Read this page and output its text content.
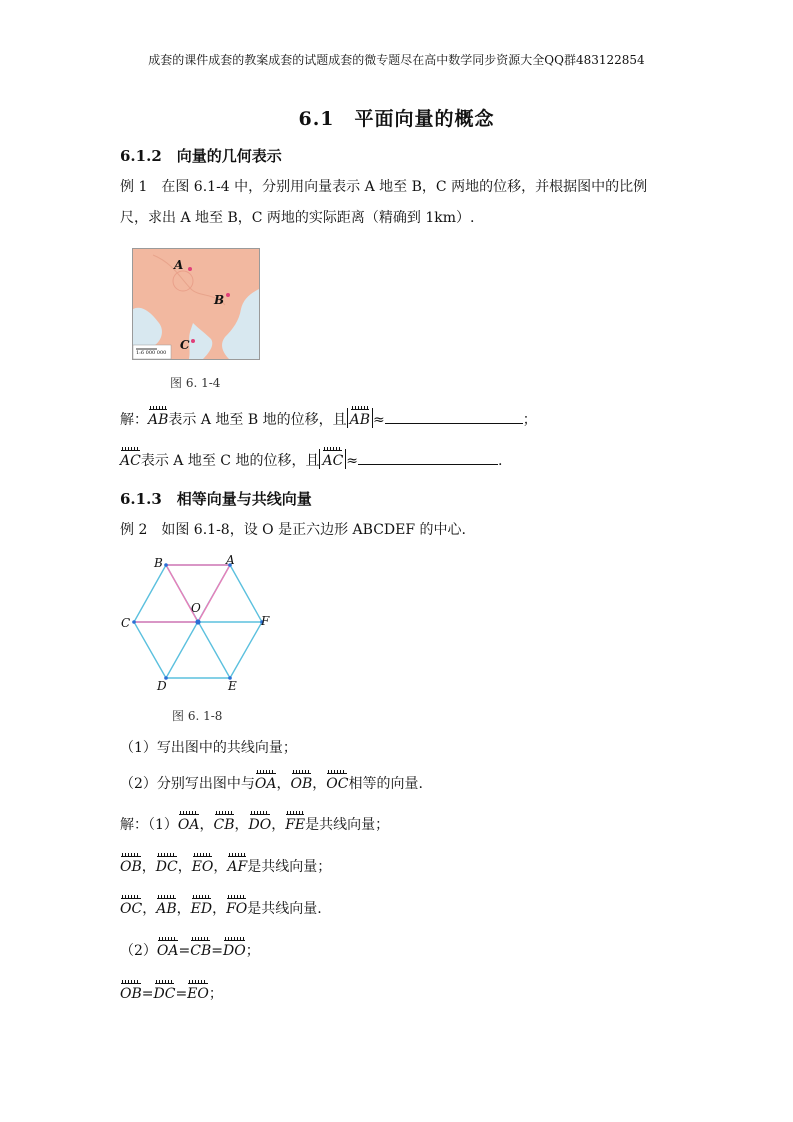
成套的课件成套的教案成套的试题成套的微专题尽在高中数学同步资源大全QQ群483122854
6.1　平面向量的概念
6.1.2　向量的几何表示
例 1　在图 6.1-4 中，分别用向量表示 A 地至 B，C 两地的位移，并根据图中的比例
尺，求出 A 地至 B，C 两地的实际距离（精确到 1km）.
A
B
C
1:6 000 000
图 6. 1-4
解：AB表示 A 地至 B 地的位移，且 AB ≈	；
AC表示 A 地至 C 地的位移，且 AC ≈	.
6.1.3　相等向量与共线向量
例 2　如图 6.1-8，设 O 是正六边形 ABCDEF 的中心.
A
B
C
D	E
F
O
图 6. 1-8
（1）写出图中的共线向量；
（2）分别写出图中与OA，OB，OC相等的向量.
解：（1）OA，CB，DO，FE是共线向量；
OB，DC，EO，AF是共线向量；
OC，AB，ED，FO是共线向量.
（2）OA=CB=DO；
OB=DC=EO；
